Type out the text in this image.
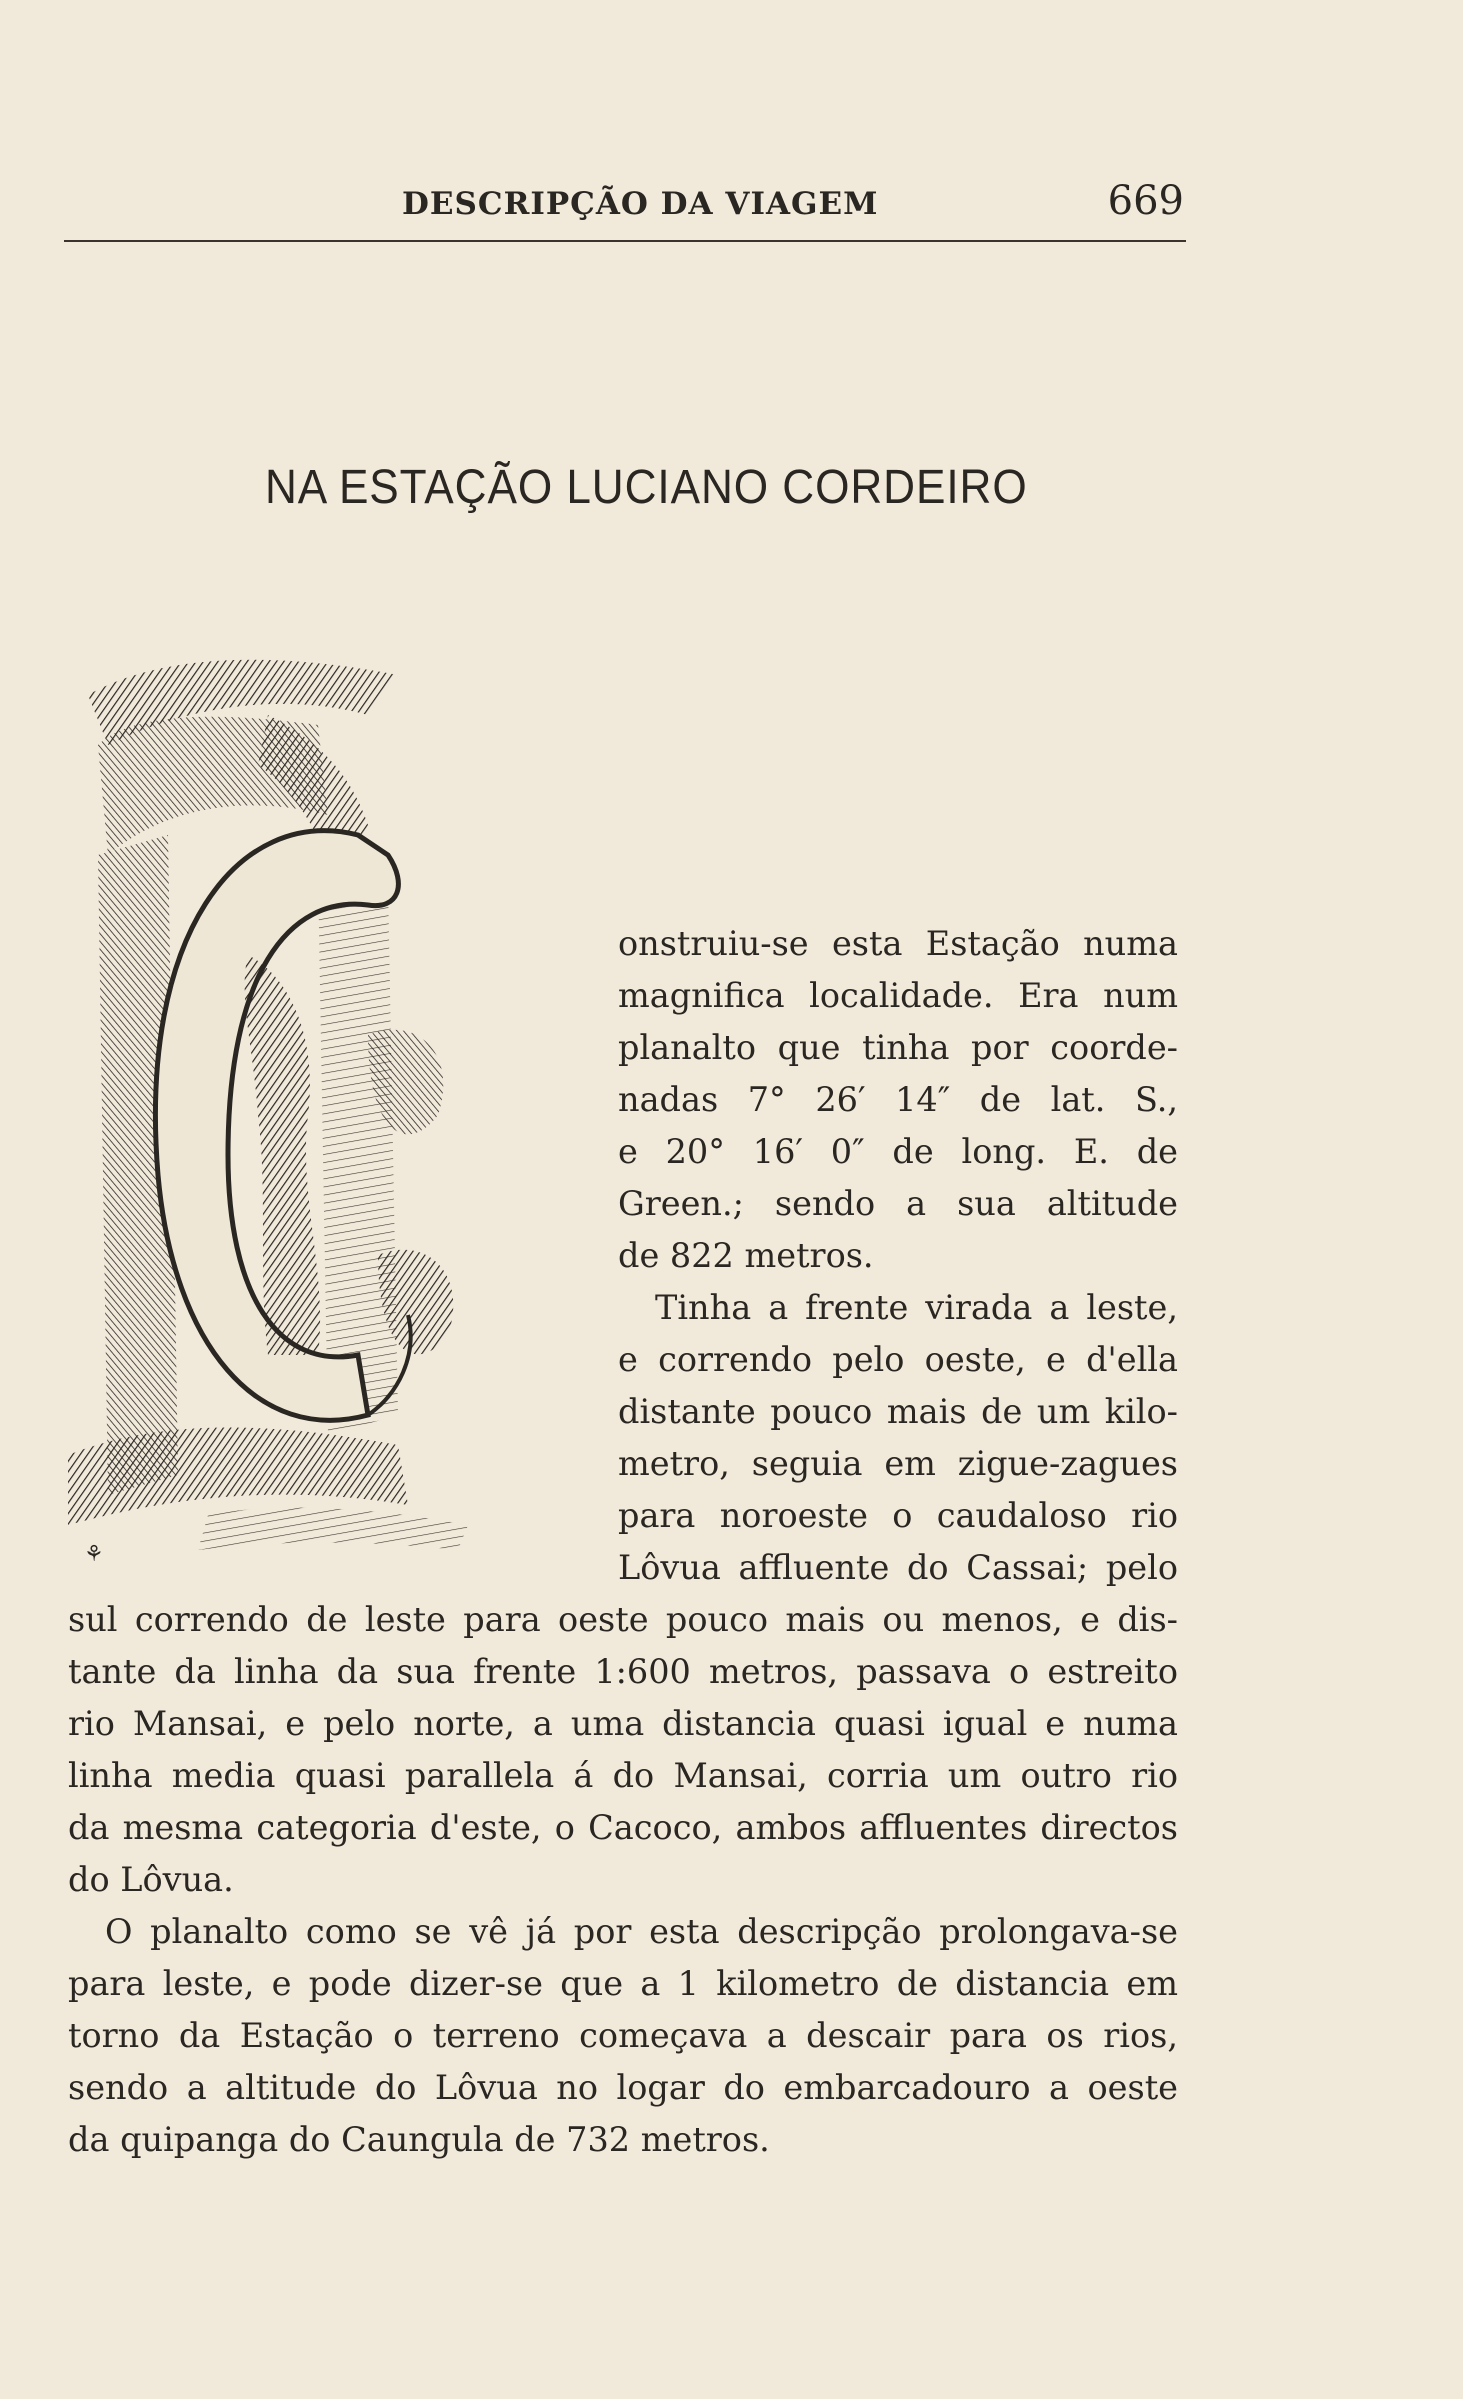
DESCRIPÇÃO DA VIAGEM	669
NA ESTAÇÃO LUCIANO CORDEIRO
⚘
onstruiu-se esta Estação numa
magnifica localidade. Era num
planalto que tinha por coorde-
nadas 7° 26′ 14″ de lat. S.,
e 20° 16′ 0″ de long. E. de
Green.; sendo a sua altitude
de 822 metros.
Tinha a frente virada a leste,
e correndo pelo oeste, e d'ella
distante pouco mais de um kilo-
metro, seguia em zigue-zagues
para noroeste o caudaloso rio
Lôvua affluente do Cassai; pelo
sul correndo de leste para oeste pouco mais ou menos, e dis-
tante da linha da sua frente 1:600 metros, passava o estreito
rio Mansai, e pelo norte, a uma distancia quasi igual e numa
linha media quasi parallela á do Mansai, corria um outro rio
da mesma categoria d'este, o Cacoco, ambos affluentes directos
do Lôvua.
O planalto como se vê já por esta descripção prolongava-se
para leste, e pode dizer-se que a 1 kilometro de distancia em
torno da Estação o terreno começava a descair para os rios,
sendo a altitude do Lôvua no logar do embarcadouro a oeste
da quipanga do Caungula de 732 metros.
